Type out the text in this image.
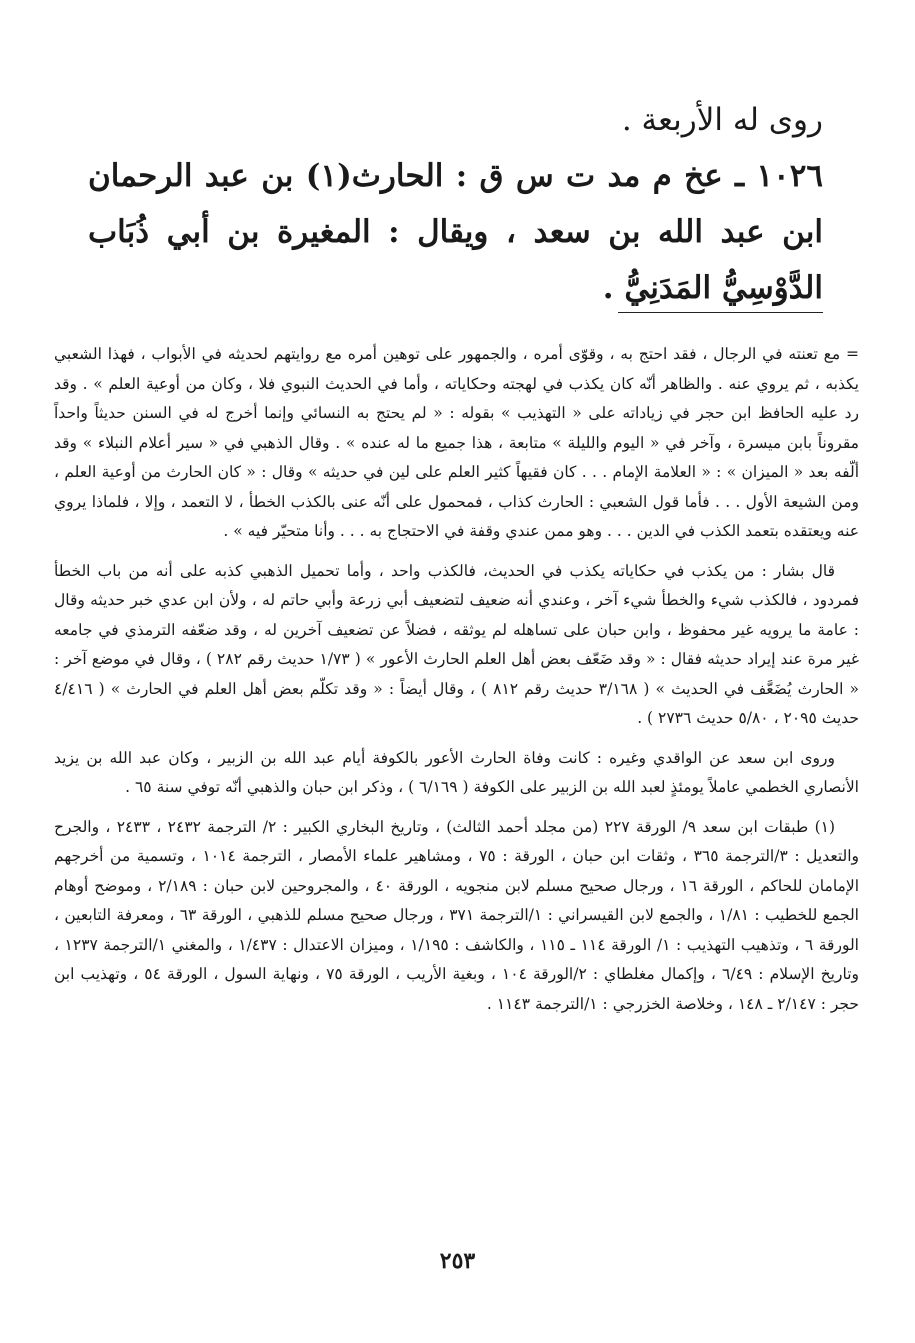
روى له الأربعة .

١٠٢٦ ـ عخ م مد ت س ق : الحارث(١) بن عبد الرحمان ابن عبد الله بن سعد ، ويقال : المغيرة بن أبي ذُبَاب الدَّوْسِيُّ المَدَنِيُّ .

= مع تعنته في الرجال ، فقد احتج به ، وقوّى أمره ، والجمهور على توهين أمره مع روايتهم لحديثه في الأبواب ، فهذا الشعبي يكذبه ، ثم يروي عنه . والظاهر أنّه كان يكذب في لهجته وحكاياته ، وأما في الحديث النبوي فلا ، وكان من أوعية العلم » . وقد رد عليه الحافظ ابن حجر في زياداته على « التهذيب » بقوله : « لم يحتج به النسائي وإنما أخرج له في السنن حديثاً واحداً مقروناً بابن ميسرة ، وآخر في « اليوم والليلة » متابعة ، هذا جميع ما له عنده » . وقال الذهبي في « سير أعلام النبلاء » وقد ألّفه بعد « الميزان » : « العلامة الإمام . . . كان فقيهاً كثير العلم على لين في حديثه » وقال : « كان الحارث من أوعية العلم ، ومن الشيعة الأول . . . فأما قول الشعبي : الحارث كذاب ، فمحمول على أنّه عنى بالكذب الخطأ ، لا التعمد ، وإلا ، فلماذا يروي عنه ويعتقده بتعمد الكذب في الدين . . . وهو ممن عندي وقفة في الاحتجاج به . . . وأنا متحيّر فيه » .

قال بشار : من يكذب في حكاياته يكذب في الحديث، فالكذب واحد ، وأما تحميل الذهبي كذبه على أنه من باب الخطأ فمردود ، فالكذب شيء والخطأ شيء آخر ، وعندي أنه ضعيف لتضعيف أبي زرعة وأبي حاتم له ، ولأن ابن عدي خبر حديثه وقال : عامة ما يرويه غير محفوظ ، وابن حبان على تساهله لم يوثقه ، فضلاً عن تضعيف آخرين له ، وقد ضعّفه الترمذي في جامعه غير مرة عند إيراد حديثه فقال : « وقد ضَعّف بعض أهل العلم الحارث الأعور » ( ١/٧٣ حديث رقم ٢٨٢ ) ، وقال في موضع آخر : « الحارث يُضَعَّف في الحديث » ( ٣/١٦٨ حديث رقم ٨١٢ ) ، وقال أيضاً : « وقد تكلّم بعض أهل العلم في الحارث » ( ٤/٤١٦ حديث ٢٠٩٥ ، ٥/٨٠ حديث ٢٧٣٦ ) .

وروى ابن سعد عن الواقدي وغيره : كانت وفاة الحارث الأعور بالكوفة أيام عبد الله بن الزبير ، وكان عبد الله بن يزيد الأنصاري الخطمي عاملاً يومئذٍ لعبد الله بن الزبير على الكوفة ( ٦/١٦٩ ) ، وذكر ابن حبان والذهبي أنّه توفي سنة ٦٥ .

(١) طبقات ابن سعد ٩/ الورقة ٢٢٧ (من مجلد أحمد الثالث) ، وتاريخ البخاري الكبير : ٢/ الترجمة ٢٤٣٢ ، ٢٤٣٣ ، والجرح والتعديل : ٣/الترجمة ٣٦٥ ، وثقات ابن حبان ، الورقة : ٧٥ ، ومشاهير علماء الأمصار ، الترجمة ١٠١٤ ، وتسمية من أخرجهم الإمامان للحاكم ، الورقة ١٦ ، ورجال صحيح مسلم لابن منجويه ، الورقة ٤٠ ، والمجروحين لابن حبان : ٢/١٨٩ ، وموضح أوهام الجمع للخطيب : ١/٨١ ، والجمع لابن القيسراني : ١/الترجمة ٣٧١ ، ورجال صحيح مسلم للذهبي ، الورقة ٦٣ ، ومعرفة التابعين ، الورقة ٦ ، وتذهيب التهذيب : ١/ الورقة ١١٤ ـ ١١٥ ، والكاشف : ١/١٩٥ ، وميزان الاعتدال : ١/٤٣٧ ، والمغني ١/الترجمة ١٢٣٧ ، وتاريخ الإسلام : ٦/٤٩ ، وإكمال مغلطاي : ٢/الورقة ١٠٤ ، وبغية الأريب ، الورقة ٧٥ ، ونهاية السول ، الورقة ٥٤ ، وتهذيب ابن حجر : ٢/١٤٧ ـ ١٤٨ ، وخلاصة الخزرجي : ١/الترجمة ١١٤٣ .

٢٥٣
